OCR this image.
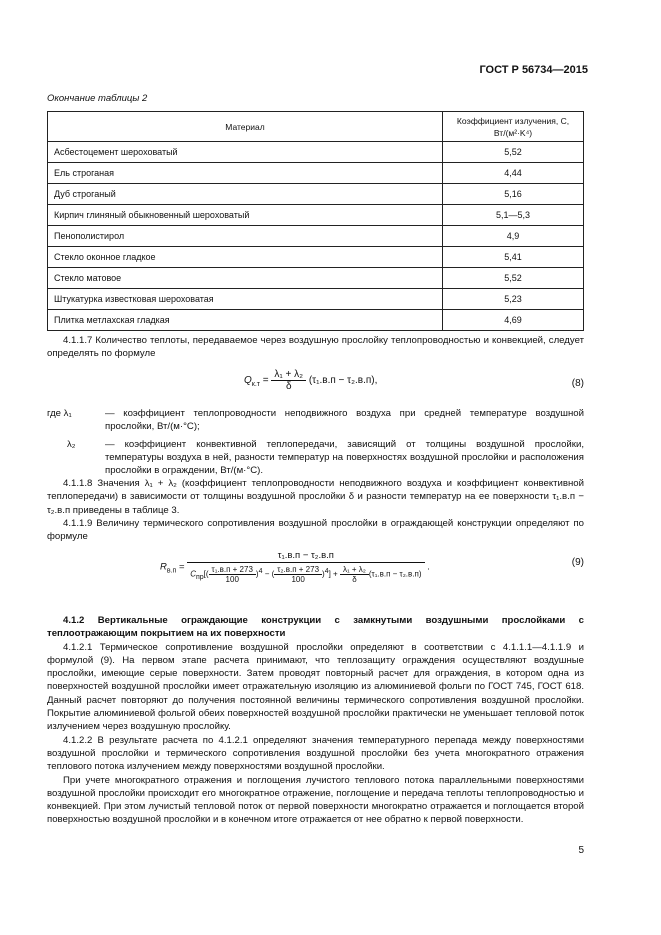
ГОСТ Р 56734—2015
Окончание таблицы 2
Материал	Коэффициент излучения, С,
Вт/(м²·K⁴)
Асбестоцемент шероховатый	5,52
Ель строганая	4,44
Дуб строганый	5,16
Кирпич глиняный обыкновенный шероховатый	5,1—5,3
Пенополистирол	4,9
Стекло оконное гладкое	5,41
Стекло матовое	5,52
Штукатурка известковая шероховатая	5,23
Плитка метлахская гладкая	4,69

4.1.1.7 Количество теплоты, передаваемое через воздушную прослойку теплопроводностью и конвекцией, следует определять по формуле

$Q_{к.т} = \frac{\text{λ₁ + λ₂}}{\delta} (\tau_1.в.п - \tau_2.в.п)$,	(8)
где λ₁	— коэффициент теплопроводности неподвижного воздуха при средней температуре воздушной прослойки, Вт/(м·°С);
λ₂	— коэффициент конвективной теплопередачи, зависящий от толщины воздушной прослойки, температуры воздуха в ней, разности температур на поверхностях воздушной прослойки и расположения прослойки в ограждении, Вт/(м·°С).

4.1.1.8 Значения λ₁ + λ₂ (коэффициент теплопроводности неподвижного воздуха и коэффициент конвективной теплопередачи) в зависимости от толщины воздушной прослойки δ и разности температур на ее поверхности τ₁.в.п − τ₂.в.п приведены в таблице 3.

4.1.1.9 Величину термического сопротивления воздушной прослойки в ограждающей конструкции определяют по формуле

$R_{в.п}$ =
τ₁.в.п − τ₂.в.п
$C_{пр}[( \frac{\text{τ₁.в.п + 273}}{100} )^4$ − ( $\frac{\text{τ₂.в.п + 273}}{100} )^4] + \frac{\text{λ₁ + λ₂}}{\delta} (\tau_1.в.п - \tau_2.в.п)$
.	(9)

4.1.2 Вертикальные ограждающие конструкции с замкнутыми воздушными прослойками с теплоотражающим покрытием на их поверхности

4.1.2.1 Термическое сопротивление воздушной прослойки определяют в соответствии с 4.1.1.1—4.1.1.9 и формулой (9). На первом этапе расчета принимают, что теплозащиту ограждения осуществляют воздушные прослойки, имеющие серые поверхности. Затем проводят повторный расчет для ограждения, в котором одна из поверхностей воздушной прослойки имеет отражательную изоляцию из алюминиевой фольги по ГОСТ 745, ГОСТ 618. Данный расчет повторяют до получения постоянной величины термического сопротивления воздушной прослойки. Покрытие алюминиевой фольгой обеих поверхностей воздушной прослойки практически не уменьшает тепловой поток излучением через воздушную прослойку.

4.1.2.2 В результате расчета по 4.1.2.1 определяют значения температурного перепада между поверхностями воздушной прослойки и термического сопротивления воздушной прослойки без учета многократного отражения теплового потока излучением между поверхностями воздушной прослойки.

При учете многократного отражения и поглощения лучистого теплового потока параллельными поверхностями воздушной прослойки происходит его многократное отражение, поглощение и передача теплоты теплопроводностью и конвекцией. При этом лучистый тепловой поток от первой поверхности многократно отражается и поглощается второй поверхностью воздушной прослойки и в конечном итоге отражается от нее обратно к первой поверхности.

5
